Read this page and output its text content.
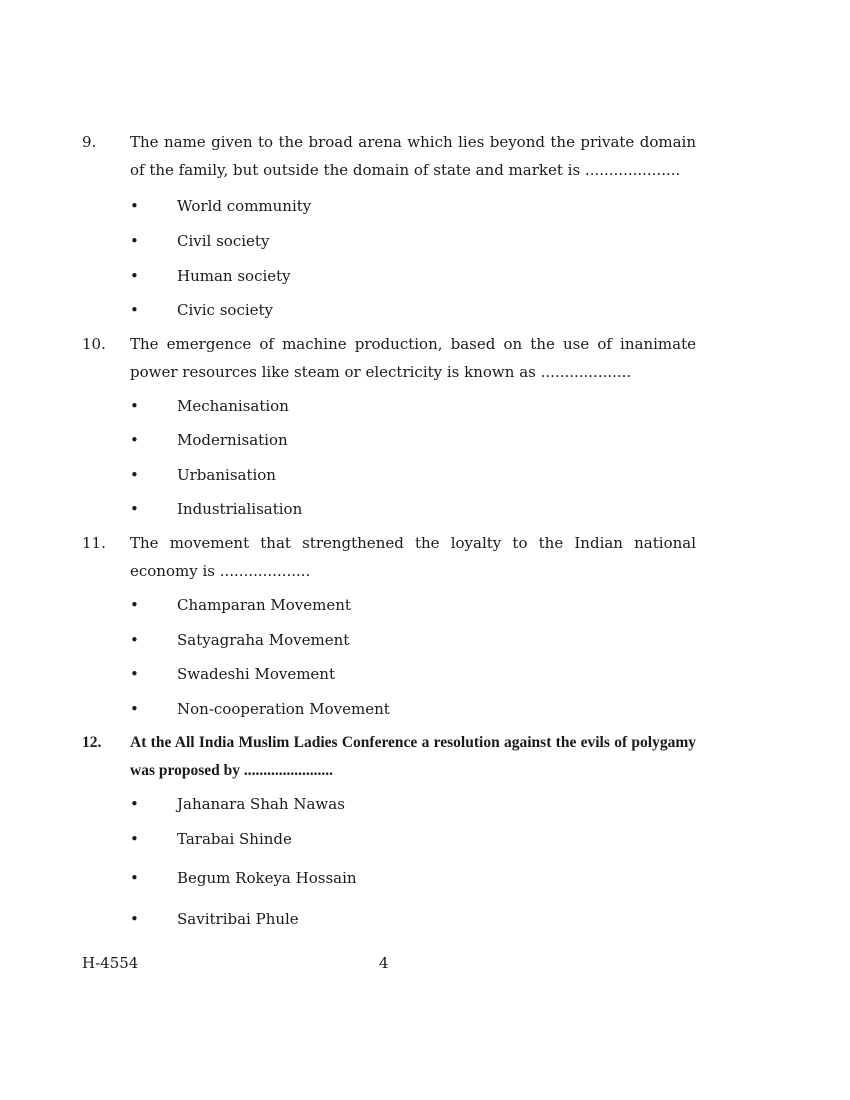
9. The name given to the broad arena which lies beyond the private domain of the family, but outside the domain of state and market is ....................

•	World community
•	Civil society
•	Human society
•	Civic society
10. The emergence of machine production, based on the use of inanimate power resources like steam or electricity is known as ...................

•	Mechanisation
•	Modernisation
•	Urbanisation
•	Industrialisation
11. The movement that strengthened the loyalty to the Indian national economy is ...................

•	Champaran Movement
•	Satyagraha Movement
•	Swadeshi Movement
•	Non-cooperation Movement
12. At the All India Muslim Ladies Conference a resolution against the evils of polygamy was proposed by .......................

•	Jahanara Shah Nawas
•	Tarabai Shinde
•	Begum Rokeya Hossain
•	Savitribai Phule
H-4554	4
